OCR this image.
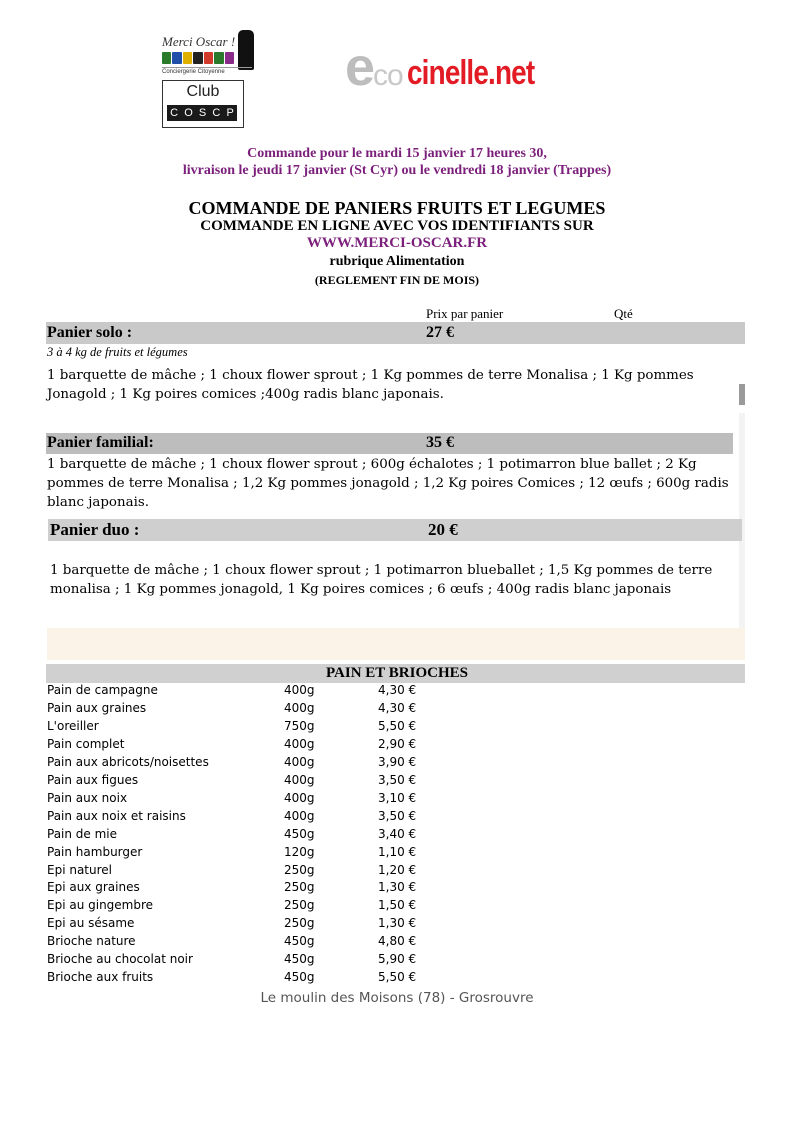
Merci Oscar !
Conciergerie Citoyenne
Club
C O S C P
e
co cinelle.net
Commande pour le mardi 15 janvier 17 heures 30,
livraison le jeudi 17 janvier (St Cyr) ou le vendredi 18 janvier (Trappes)
COMMANDE DE PANIERS FRUITS ET LEGUMES
COMMANDE EN LIGNE AVEC VOS IDENTIFIANTS SUR
WWW.MERCI-OSCAR.FR
rubrique Alimentation
(REGLEMENT FIN DE MOIS)
Prix par panier	Qté
Panier solo :	27 €
3 à 4 kg de fruits et légumes
1 barquette de mâche ; 1 choux flower sprout ; 1 Kg pommes de terre Monalisa ; 1 Kg pommes
Jonagold ; 1 Kg poires comices ;400g radis blanc japonais.
Panier familial:	35 €
1 barquette de mâche ; 1 choux flower sprout ; 600g échalotes ; 1 potimarron blue ballet ; 2 Kg
pommes de terre Monalisa ; 1,2 Kg pommes jonagold ; 1,2 Kg poires Comices ; 12 œufs ; 600g radis
blanc japonais.
Panier duo :	20 €
1 barquette de mâche ; 1 choux flower sprout ; 1 potimarron blueballet ; 1,5 Kg pommes de terre
monalisa ; 1 Kg pommes jonagold, 1 Kg poires comices ; 6 œufs ; 400g radis blanc japonais
PAIN ET BRIOCHES
Pain de campagne	400g	4,30 €
Pain aux graines	400g	4,30 €
L'oreiller	750g	5,50 €
Pain complet	400g	2,90 €
Pain aux abricots/noisettes	400g	3,90 €
Pain aux figues	400g	3,50 €
Pain aux noix	400g	3,10 €
Pain aux noix et raisins	400g	3,50 €
Pain de mie	450g	3,40 €
Pain hamburger	120g	1,10 €
Epi naturel	250g	1,20 €
Epi aux graines	250g	1,30 €
Epi au gingembre	250g	1,50 €
Epi au sésame	250g	1,30 €
Brioche nature	450g	4,80 €
Brioche au chocolat noir	450g	5,90 €
Brioche aux fruits	450g	5,50 €
Le moulin des Moisons (78) - Grosrouvre
